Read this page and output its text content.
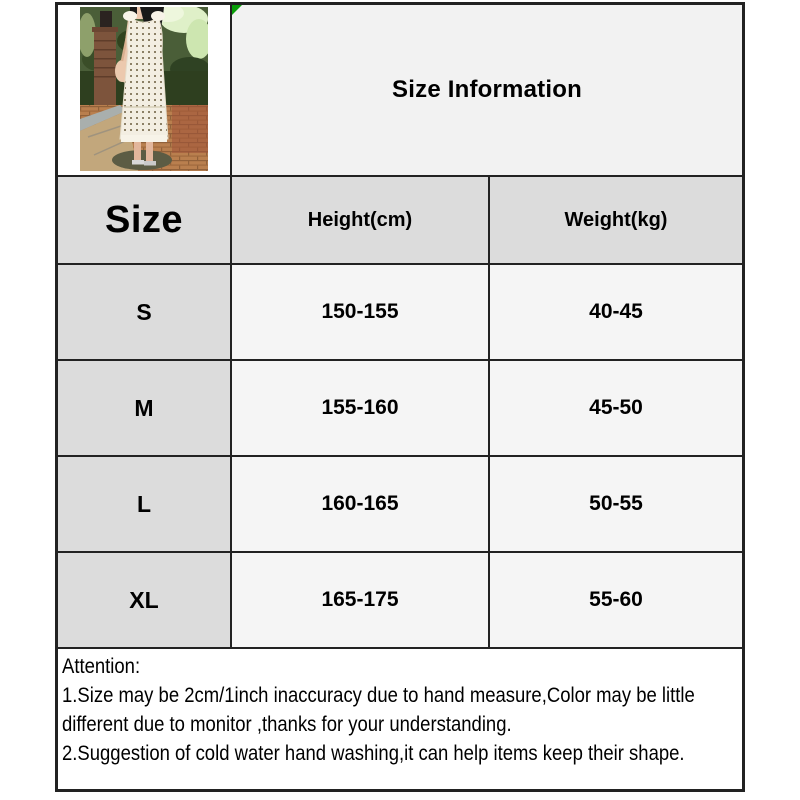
Size Information
Size	Height(cm)	Weight(kg)
S	150-155	40-45
M	155-160	45-50
L	160-165	50-55
XL	165-175	55-60
Attention:
1.Size may be 2cm/1inch inaccuracy due to hand measure,Color may be little
different due to monitor ,thanks for your understanding.
2.Suggestion of cold water hand washing,it can help items keep their shape.
